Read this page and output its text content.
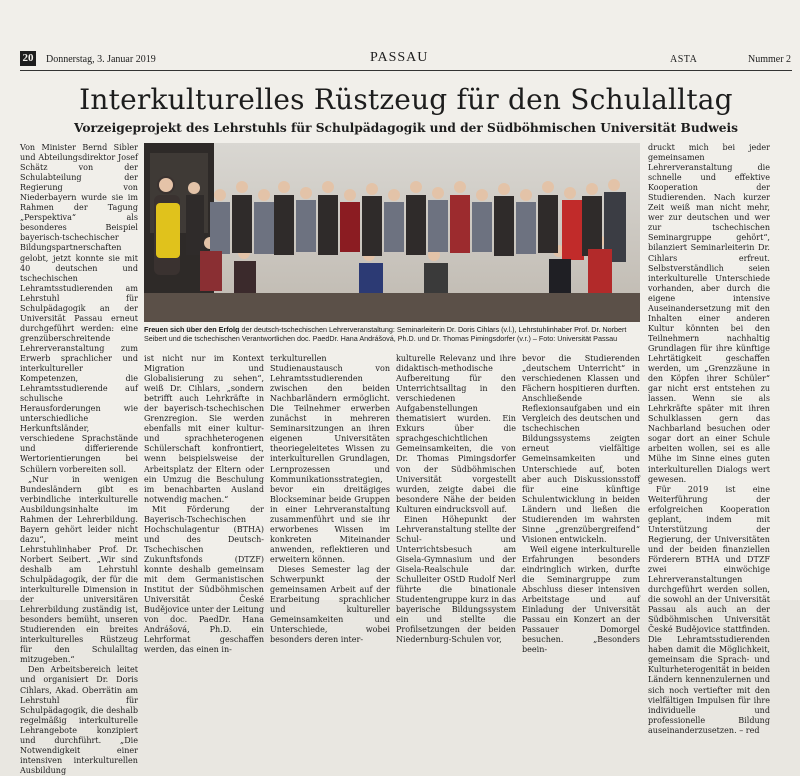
20 Donnerstag, 3. Januar 2019	PASSAU	ASTA	Nummer 2
Interkulturelles Rüstzeug für den Schulalltag
Vorzeigeprojekt des Lehrstuhls für Schulpädagogik und der Südböhmischen Universität Budweis

Von Minister Bernd Sibler und Abteilungsdirektor Josef Schätz von der Schulabteilung der Regierung von Niederbayern wurde sie im Rahmen der Tagung „Perspektiva“ als besonderes Beispiel bayerisch-tschechischer Bildungspartnerschaften gelobt, jetzt konnte sie mit 40 deutschen und tschechischen Lehramtsstudierenden am Lehrstuhl für Schulpädagogik an der Universität Passau erneut durchgeführt werden: eine grenzüberschreitende Lehrerveranstaltung zum Erwerb sprachlicher und interkultureller Kompetenzen, die Lehramtsstudierende auf schulische Herausforderungen wie unterschiedliche Herkunftsländer, verschiedene Sprachstände und differierende Wertorientierungen bei Schülern vorbereiten soll.

„Nur in wenigen Bundesländern gibt es verbindliche interkulturelle Ausbildungsinhalte im Rahmen der Lehrerbildung. Bayern gehört leider nicht dazu“, meint Lehrstuhlinhaber Prof. Dr. Norbert Seibert. „Wir sind deshalb am Lehrstuhl Schulpädagogik, der für die interkulturelle Dimension in der universitären Lehrerbildung zuständig ist, besonders bemüht, unseren Studierenden ein breites interkulturelles Rüstzeug für den Schulalltag mitzugeben.“

Den Arbeitsbereich leitet und organisiert Dr. Doris Cihlars, Akad. Oberrätin am Lehrstuhl für Schulpädagogik, die deshalb regelmäßig interkulturelle Lehrangebote konzipiert und durchführt. „Die Notwendigkeit einer intensiven interkulturellen Ausbildung

Freuen sich über den Erfolg der deutsch-tschechischen Lehrerveranstaltung: Seminarleiterin Dr. Doris Cihlars (v.l.), Lehrstuhlinhaber Prof. Dr. Norbert Seibert und die tschechischen Verantwortlichen doc. PaedDr. Hana Andrášová, Ph.D. und Dr. Thomas Pimingsdorfer (v.r.) – Foto: Universität Passau

ist nicht nur im Kontext Migration und Globalisierung zu sehen“, weiß Dr. Cihlars, „sondern betrifft auch Lehrkräfte in der bayerisch-tschechischen Grenzregion. Sie werden ebenfalls mit einer kultur- und sprachheterogenen Schülerschaft konfrontiert, wenn beispielsweise der Arbeitsplatz der Eltern oder ein Umzug die Beschulung im benachbarten Ausland notwendig machen.“

Mit Förderung der Bayerisch-Tschechischen Hochschulagentur (BTHA) und des Deutsch-Tschechischen Zukunftsfonds (DTZF) konnte deshalb gemeinsam mit dem Germanistischen Institut der Südböhmischen Universität České Budějovice unter der Leitung von doc. PaedDr. Hana Andrášová, Ph.D. ein Lehrformat geschaffen werden, das einen in-

terkulturellen Studienaustausch von Lehramtsstudierenden zwischen den beiden Nachbarländern ermöglicht. Die Teilnehmer erwerben zunächst in mehreren Seminarsitzungen an ihren eigenen Universitäten theoriegeleitetes Wissen zu interkulturellen Grundlagen, Lernprozessen und Kommunikationsstrategien, bevor ein dreitägiges Blockseminar beide Gruppen in einer Lehrveranstaltung zusammenführt und sie ihr erworbenes Wissen im konkreten Miteinander anwenden, reflektieren und erweitern können.

Dieses Semester lag der Schwerpunkt der gemeinsamen Arbeit auf der Erarbeitung sprachlicher und kultureller Gemeinsamkeiten und Unterschiede, wobei besonders deren inter-

kulturelle Relevanz und ihre didaktisch-methodische Aufbereitung für den Unterrichtsalltag in den verschiedenen Aufgabenstellungen thematisiert wurden. Ein Exkurs über die sprachgeschichtlichen Gemeinsamkeiten, die von Dr. Thomas Pimingsdorfer von der Südböhmischen Universität vorgestellt wurden, zeigte dabei die besondere Nähe der beiden Kulturen eindrucksvoll auf.

Einen Höhepunkt der Lehrveranstaltung stellte der Schul- und Unterrichtsbesuch am Gisela-Gymnasium und der Gisela-Realschule dar. Schulleiter OStD Rudolf Nerl führte die binationale Studentengruppe kurz in das bayerische Bildungssystem ein und stellte die Profilsetzungen der beiden Niedernburg-Schulen vor,

bevor die Studierenden „deutschem Unterricht“ in verschiedenen Klassen und Fächern hospitieren durften. Anschließende Reflexionsaufgaben und ein Vergleich des deutschen und tschechischen Bildungssystems zeigten erneut vielfältige Gemeinsamkeiten und Unterschiede auf, boten aber auch Diskussionsstoff für eine künftige Schulentwicklung in beiden Ländern und ließen die Studierenden im wahrsten Sinne „grenzübergreifend“ Visionen entwickeln.

Weil eigene interkulturelle Erfahrungen besonders eindringlich wirken, durfte die Seminargruppe zum Abschluss dieser intensiven Arbeitstage und auf Einladung der Universität Passau ein Konzert an der Passauer Domorgel besuchen. „Besonders beein-

druckt mich bei jeder gemeinsamen Lehrerveranstaltung die schnelle und effektive Kooperation der Studierenden. Nach kurzer Zeit weiß man nicht mehr, wer zur deutschen und wer zur tschechischen Seminargruppe gehört“, bilanziert Seminarleiterin Dr. Cihlars erfreut. Selbstverständlich seien interkulturelle Unterschiede vorhanden, aber durch die eigene intensive Auseinandersetzung mit den Inhalten einer anderen Kultur könnten bei den Teilnehmern nachhaltig Grundlagen für ihre künftige Lehrtätigkeit geschaffen werden, um „Grenzzäune in den Köpfen ihrer Schüler“ gar nicht erst entstehen zu lassen. Wenn sie als Lehrkräfte später mit ihren Schulklassen gern das Nachbarland besuchen oder sogar dort an einer Schule arbeiten wollen, sei es alle Mühe im Sinne eines guten interkulturellen Dialogs wert gewesen.

Für 2019 ist eine Weiterführung der erfolgreichen Kooperation geplant, indem mit Unterstützung der Regierung, der Universitäten und der beiden finanziellen Förderern BTHA und DTZF zwei einwöchige Lehrerveranstaltungen durchgeführt werden sollen, die sowohl an der Universität Passau als auch an der Südböhmischen Universität České Budějovice stattfinden. Die Lehramtsstudierenden haben damit die Möglichkeit, gemeinsam die Sprach- und Kulturheterogenität in beiden Ländern kennenzulernen und sich noch vertiefter mit den vielfältigen Impulsen für ihre individuelle und professionelle Bildung auseinanderzusetzen. – red
